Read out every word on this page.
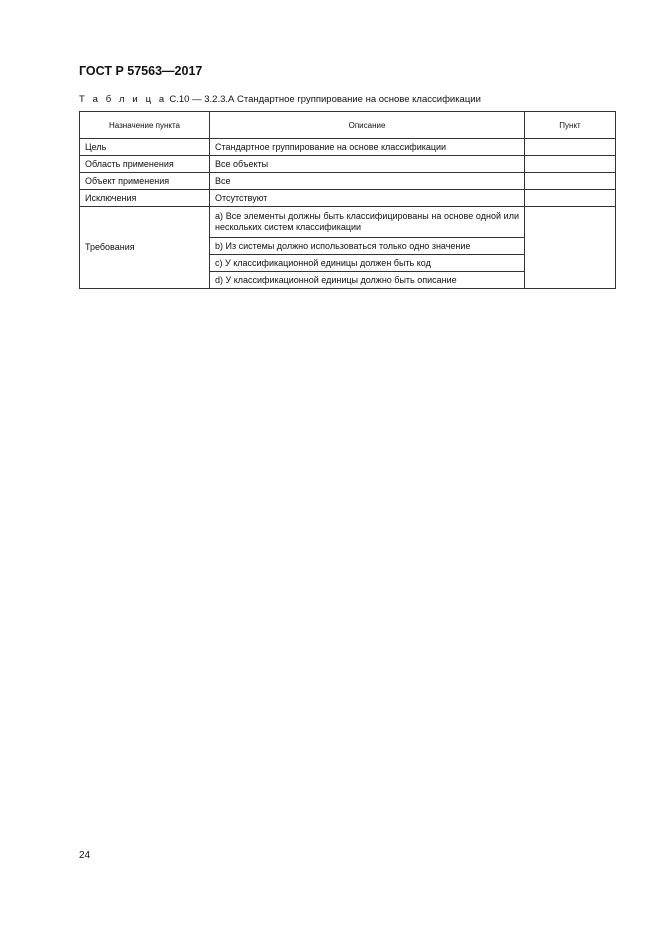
ГОСТ Р 57563—2017
Т а б л и ц а С.10 — 3.2.3.А Стандартное группирование на основе классификации
Назначение пункта	Описание	Пункт
Цель	Стандартное группирование на основе классификации	
Область применения	Все объекты	
Объект применения	Все	
Исключения	Отсутствуют	
Требования	a) Все элементы должны быть классифицированы на основе одной или нескольких систем классификации	
	b) Из системы должно использоваться только одно значение	
	c) У классификационной единицы должен быть код	
	d) У классификационной единицы должно быть описание	
24
